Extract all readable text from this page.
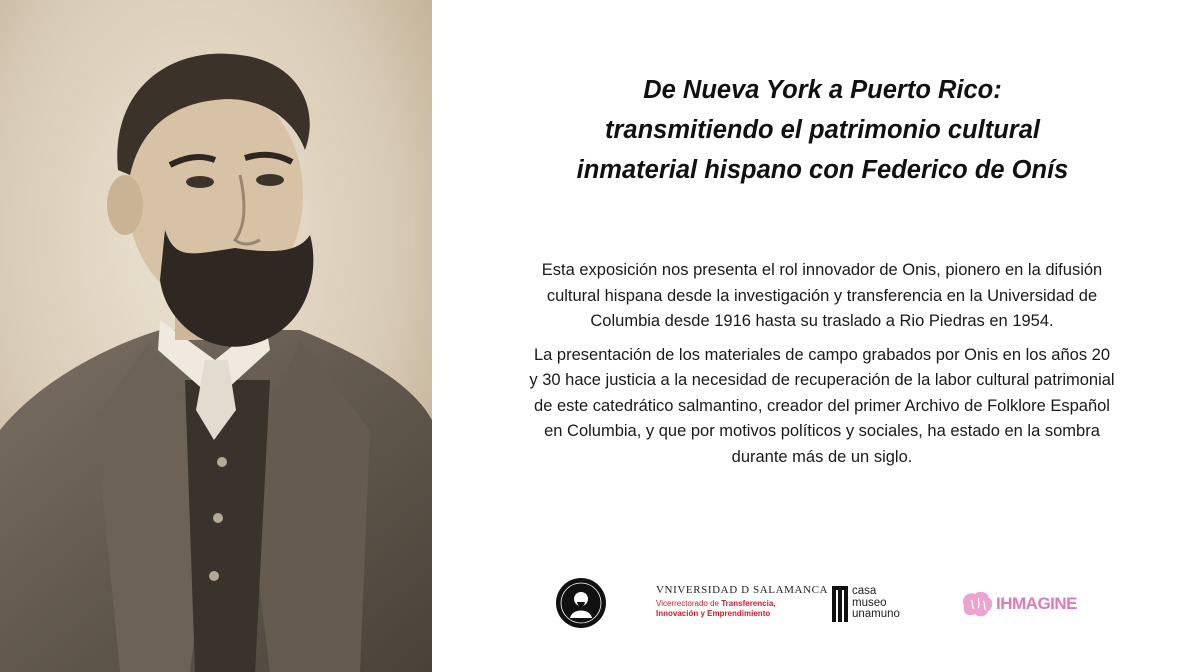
De Nueva York a Puerto Rico:
transmitiendo el patrimonio cultural
inmaterial hispano con Federico de Onís
Esta exposición nos presenta el rol innovador de Onis, pionero en la difusión
cultural hispana desde la investigación y transferencia en la Universidad de
Columbia desde 1916 hasta su traslado a Rio Piedras en 1954.
La presentación de los materiales de campo grabados por Onis en los años 20
y 30 hace justicia a la necesidad de recuperación de la labor cultural patrimonial
de este catedrático salmantino, creador del primer Archivo de Folklore Español
en Columbia, y que por motivos políticos y sociales, ha estado en la sombra
durante más de un siglo.
VNIVERSIDAD D SALAMANCA
Vicerrectorado de Transferencia,
Innovación y Emprendimiento
casa
museo
unamuno
IHMAGINE
